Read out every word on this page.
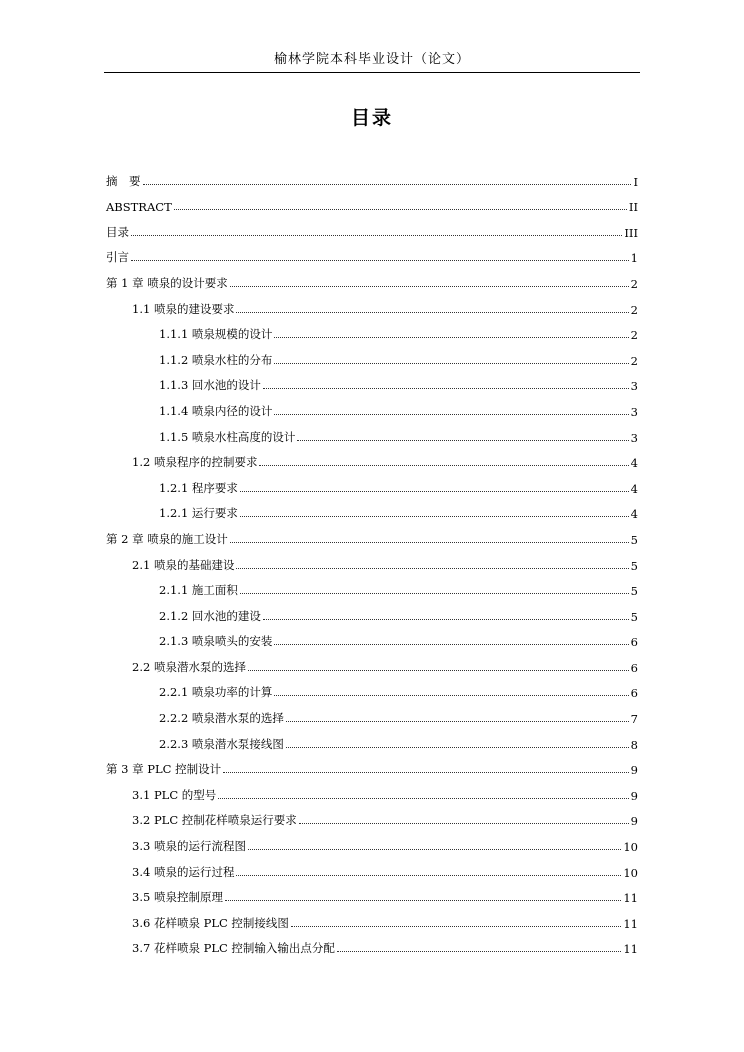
榆林学院本科毕业设计（论文）
目录
摘　要	I
ABSTRACT	II
目录	III
引言	1
第 1 章 喷泉的设计要求	2
1.1 喷泉的建设要求	2
1.1.1 喷泉规模的设计	2
1.1.2 喷泉水柱的分布	2
1.1.3 回水池的设计	3
1.1.4 喷泉内径的设计	3
1.1.5 喷泉水柱高度的设计	3
1.2 喷泉程序的控制要求	4
1.2.1 程序要求	4
1.2.1 运行要求	4
第 2 章 喷泉的施工设计	5
2.1 喷泉的基础建设	5
2.1.1 施工面积	5
2.1.2 回水池的建设	5
2.1.3 喷泉喷头的安装	6
2.2 喷泉潜水泵的选择	6
2.2.1 喷泉功率的计算	6
2.2.2 喷泉潜水泵的选择	7
2.2.3 喷泉潜水泵接线图	8
第 3 章 PLC 控制设计	9
3.1 PLC 的型号	9
3.2 PLC 控制花样喷泉运行要求	9
3.3 喷泉的运行流程图	10
3.4 喷泉的运行过程	10
3.5 喷泉控制原理	11
3.6 花样喷泉 PLC 控制接线图	11
3.7 花样喷泉 PLC 控制输入输出点分配	11
